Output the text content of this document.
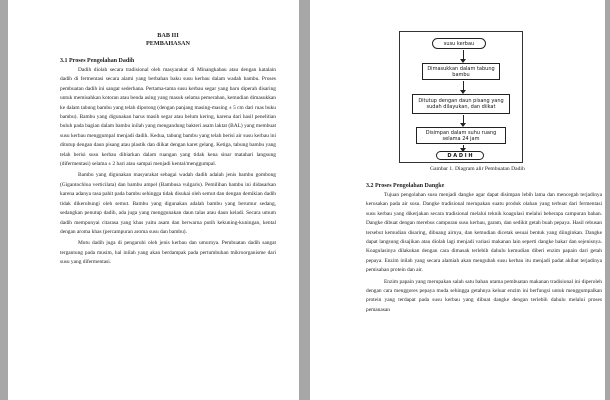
BAB III

PEMBAHASAN

3.1 Proses Pengolahan Dadih

Dadih diolah secara tradisional oleh masyarakat di Minangkabau atau dengan katalain dadih di fermentasi secara alami yang berbahan baku susu kerbau dalam wadah bambu. Proses pembuatan dadih ini sangat sederhana. Pertama-tama susu kerbau segar yang baru diperah disaring untuk memisahkan kotoran atau benda asing yang masuk selama pemerahan, kemudian dimasukkan ke dalam tabung bambu yang telah dipotong (dengan panjang masing-masing ± 5 cm dari ruas buku bambu). Bambu yang digunakan harus masih segar atau belum kering, karena dari hasil penelitian buluh pada bagian dalam bambu inilah yang mengandung bakteri asam laktat (BAL) yang membuat susu kerbau menggumpal menjadi dadih. Kedua, tabung bambu yang telah berisi air susu kerbau ini ditutup dengan daun pisang atau plastik dan diikat dengan karet gelang. Ketiga, tabung bambu yang telah berisi susu kerbau dibiarkan dalam ruangan yang tidak kena sinar matahari langsung (difermentasi) selama ± 2 hari atau sampai menjadi kental/menggumpal.

Bambu yang digunakan masyarakat sebagai wadah dadih adalah jenis bambu gombong (Gigantochloa verticilata) dan bambu ampel (Bambusa vulgaris). Pemilihan bambu ini didasarkan karena adanya rasa pahit pada bambu sehingga tidak disukai oleh semut dan dengan demikian dadih tidak dikerubungi oleh semut. Bambu yang digunakan adalah bambu yang berumur sedang, sedangkan penutup dadih, ada juga yang menggunakan daun talas atau daun keladi. Secara umum dadih mempunyai citarasa yang khas yaitu asam dan berwarna putih kekuning-kuningan, kental dengan aroma khas (percampuran aroma susu dan bambu).

Mutu dadih juga di pengaruhi oleh jenis kerbau dan umurnya. Pembuatan dadih sangat tergantung pada musim, hal inilah yang akan berdampak pada pertumbuhan mikroorganisme dari susu yang difermentasi.

susu kerbau
Dimasukkan dalam tabung bambu
Ditutup dengan daun pisang yang sudah dilayukan, dan diikat
Disimpan dalam suhu ruang selama 24 jam
D A D I H
Gambar 1. Diagram alir Pembuatan Dadih

3.2 Proses Pengolahan Dangke

Tujuan pengolahan susu menjadi dangke agar dapat disimpan lebih lama dan mencegah terjadinya kerusakan pada air susu. Dangke tradisional merupakan suatu produk olahan yang terbuat dari fermentasi susu kerbau yang dikerjakan secara tradisional melalui teknik koagulasi melalui beberapa campuran bahan. Dangke dibuat dengan merebus campuran susu kerbau, garam, dan sedikit getah buah pepaya. Hasil rebusan tersebut kemudian disaring, dibuang airnya, dan kemudian dicetak sesuai bentuk yang diinginkan. Dangke dapat langsung disajikan atau diolah lagi menjadi variasi makanan lain seperti dangke bakar dan sejenisnya. Koagulasinya dilakukan dengan cara dimasak terlebih dahulu kemudian diberi enzim papain dari getah pepaya. Enzim inilah yang secara alamiah akan mengubah susu kerbau itu menjadi padat akibat terjadinya pemisahan protein dan air.

Enzim papain yang merupakan salah satu bahan utama pembuatan makanan tradisional ini diperoleh dengan cara menggores pepaya muda sehingga getahnya keluar enzim ini berfungsi untuk menggumpalkan protein yang terdapat pada susu kerbau yang dibuat dangke dengan terlebih dahulu melalui proses pemanasan
